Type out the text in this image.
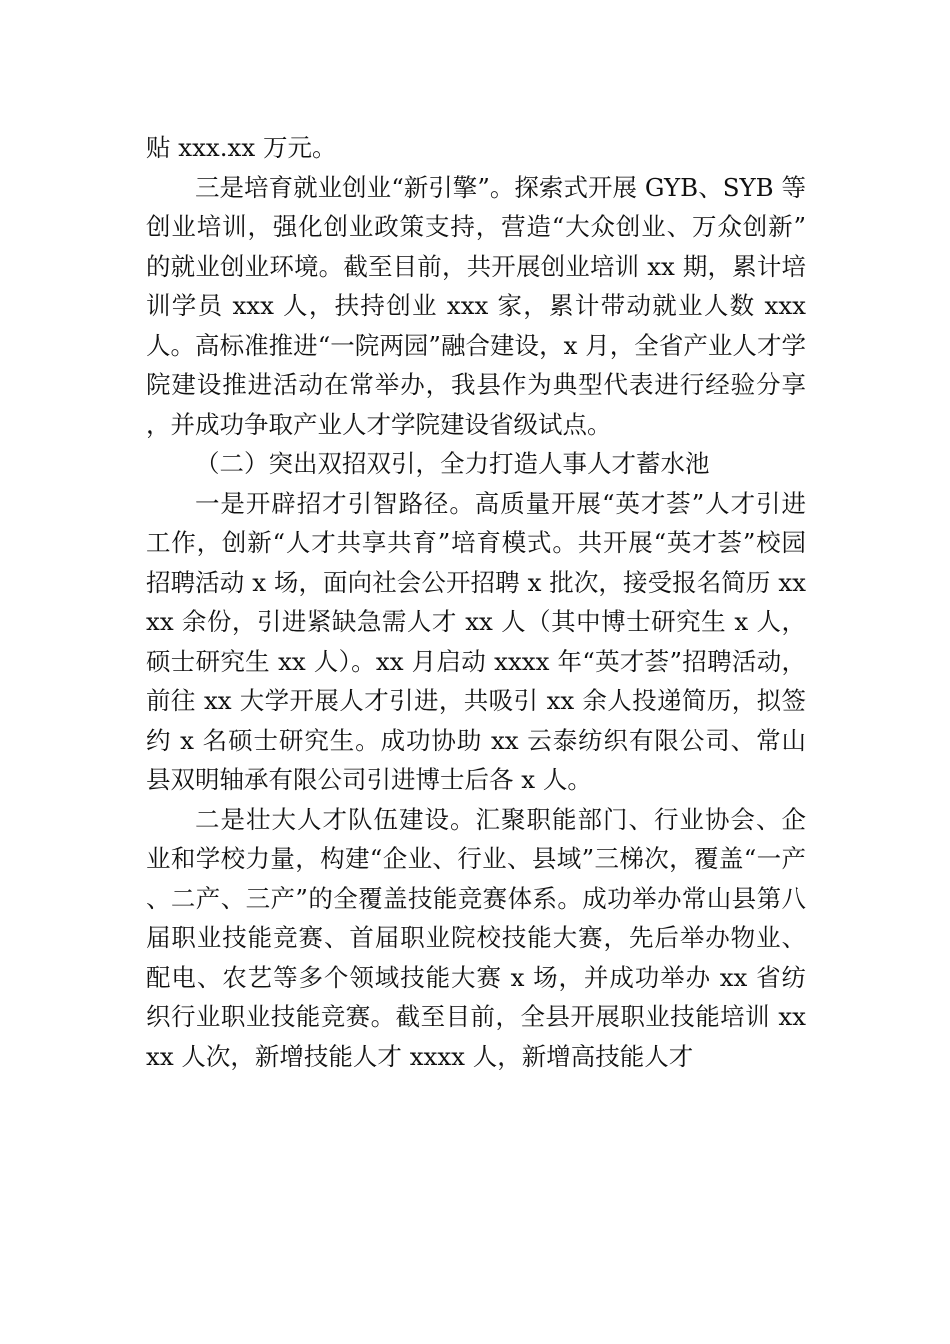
贴 xxx.xx 万元。

三是培育就业创业“新引擎”。探索式开展 GYB、SYB 等创业培训，强化创业政策支持，营造“大众创业、万众创新”的就业创业环境。截至目前，共开展创业培训 xx 期，累计培训学员 xxx 人，扶持创业 xxx 家，累计带动就业人数 xxx 人。高标准推进“一院两园”融合建设，x 月，全省产业人才学院建设推进活动在常举办，我县作为典型代表进行经验分享，并成功争取产业人才学院建设省级试点。

（二）突出双招双引，全力打造人事人才蓄水池

一是开辟招才引智路径。高质量开展“英才荟”人才引进工作，创新“人才共享共育”培育模式。共开展“英才荟”校园招聘活动 x 场，面向社会公开招聘 x 批次，接受报名简历 xxxx 余份，引进紧缺急需人才 xx 人（其中博士研究生 x 人，硕士研究生 xx 人）。xx 月启动 xxxx 年“英才荟”招聘活动，前往 xx 大学开展人才引进，共吸引 xx 余人投递简历，拟签约 x 名硕士研究生。成功协助 xx 云泰纺织有限公司、常山县双明轴承有限公司引进博士后各 x 人。

二是壮大人才队伍建设。汇聚职能部门、行业协会、企业和学校力量，构建“企业、行业、县域”三梯次，覆盖“一产、二产、三产”的全覆盖技能竞赛体系。成功举办常山县第八届职业技能竞赛、首届职业院校技能大赛，先后举办物业、配电、农艺等多个领域技能大赛 x 场，并成功举办 xx 省纺织行业职业技能竞赛。截至目前，全县开展职业技能培训 xxxx 人次，新增技能人才 xxxx 人，新增高技能人才
